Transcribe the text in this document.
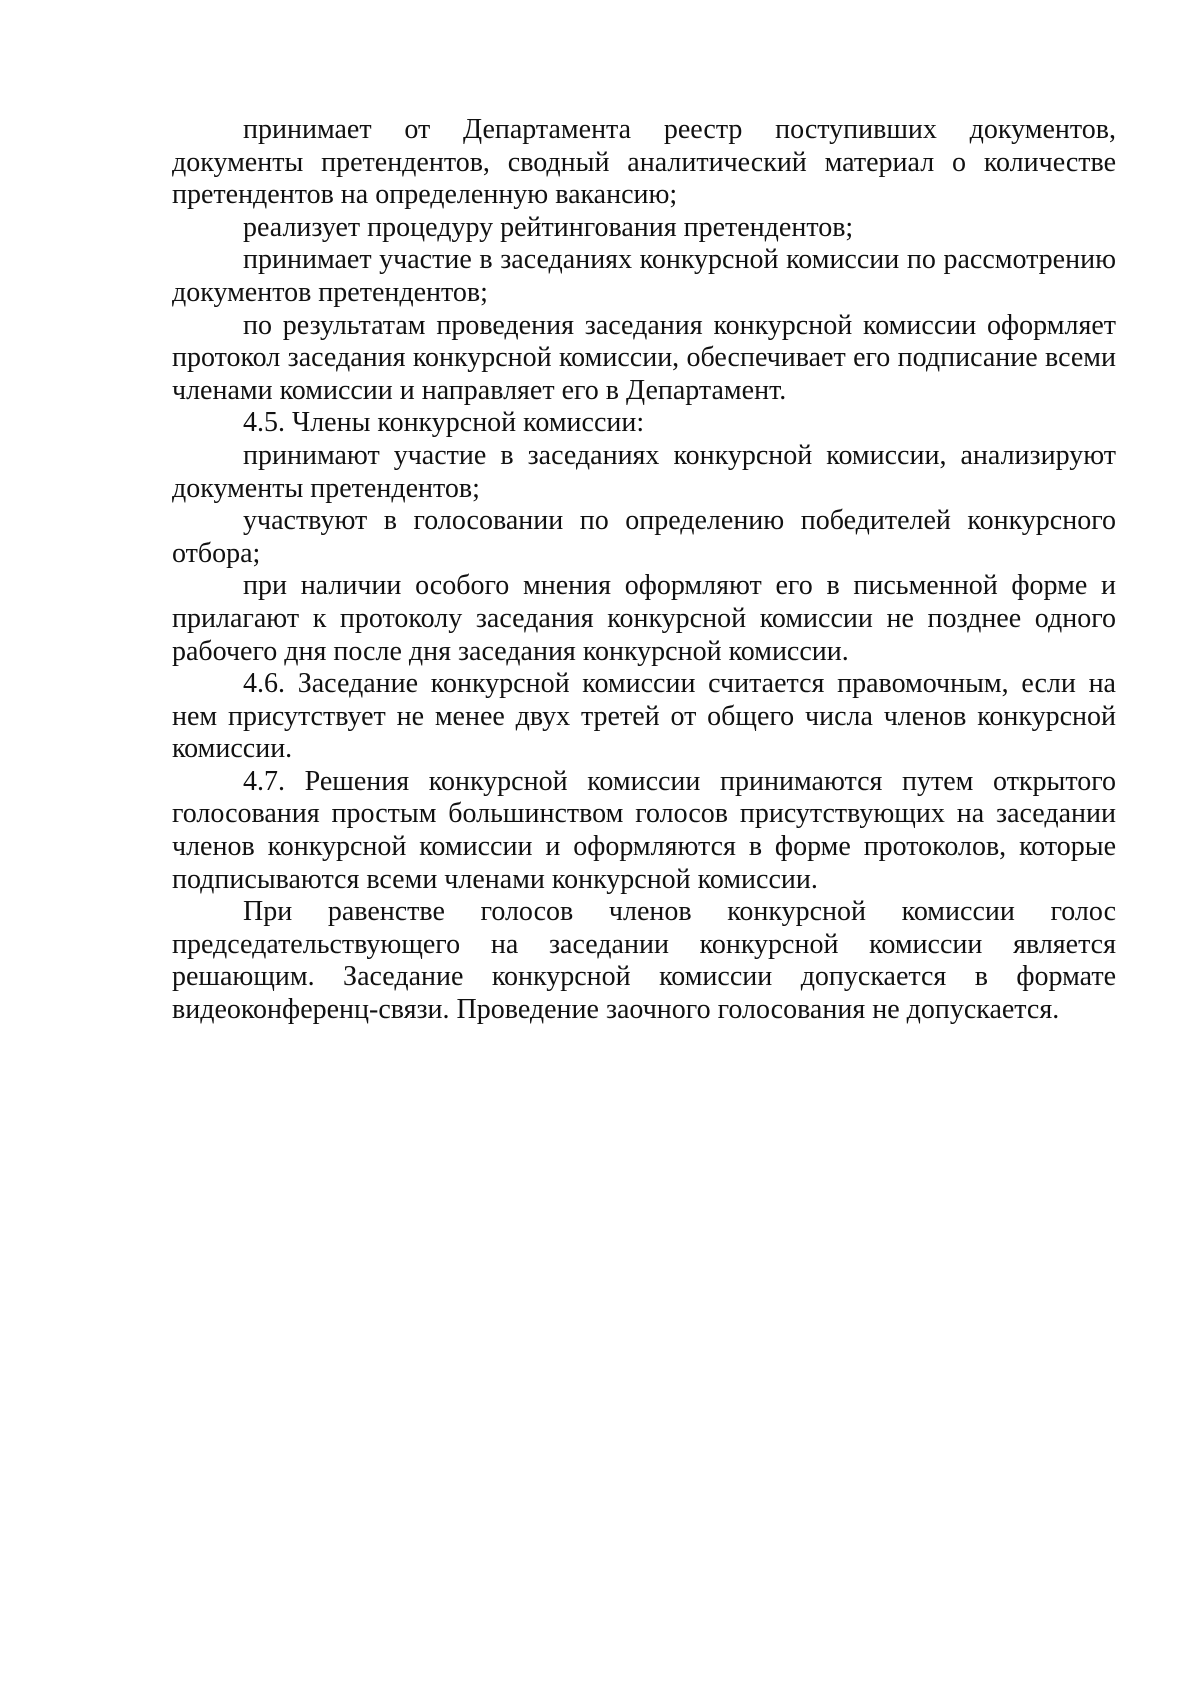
принимает от Департамента реестр поступивших документов, документы претендентов, сводный аналитический материал о количестве претендентов на определенную вакансию;

реализует процедуру рейтингования претендентов;

принимает участие в заседаниях конкурсной комиссии по рассмотрению документов претендентов;

по результатам проведения заседания конкурсной комиссии оформляет протокол заседания конкурсной комиссии, обеспечивает его подписание всеми членами комиссии и направляет его в Департамент.

4.5. Члены конкурсной комиссии:

принимают участие в заседаниях конкурсной комиссии, анализируют документы претендентов;

участвуют в голосовании по определению победителей конкурсного отбора;

при наличии особого мнения оформляют его в письменной форме и прилагают к протоколу заседания конкурсной комиссии не позднее одного рабочего дня после дня заседания конкурсной комиссии.

4.6. Заседание конкурсной комиссии считается правомочным, если на нем присутствует не менее двух третей от общего числа членов конкурсной комиссии.

4.7. Решения конкурсной комиссии принимаются путем открытого голосования простым большинством голосов присутствующих на заседании членов конкурсной комиссии и оформляются в форме протоколов, которые подписываются всеми членами конкурсной комиссии.

При равенстве голосов членов конкурсной комиссии голос председательствующего на заседании конкурсной комиссии является решающим. Заседание конкурсной комиссии допускается в формате видеоконференц-связи. Проведение заочного голосования не допускается.
